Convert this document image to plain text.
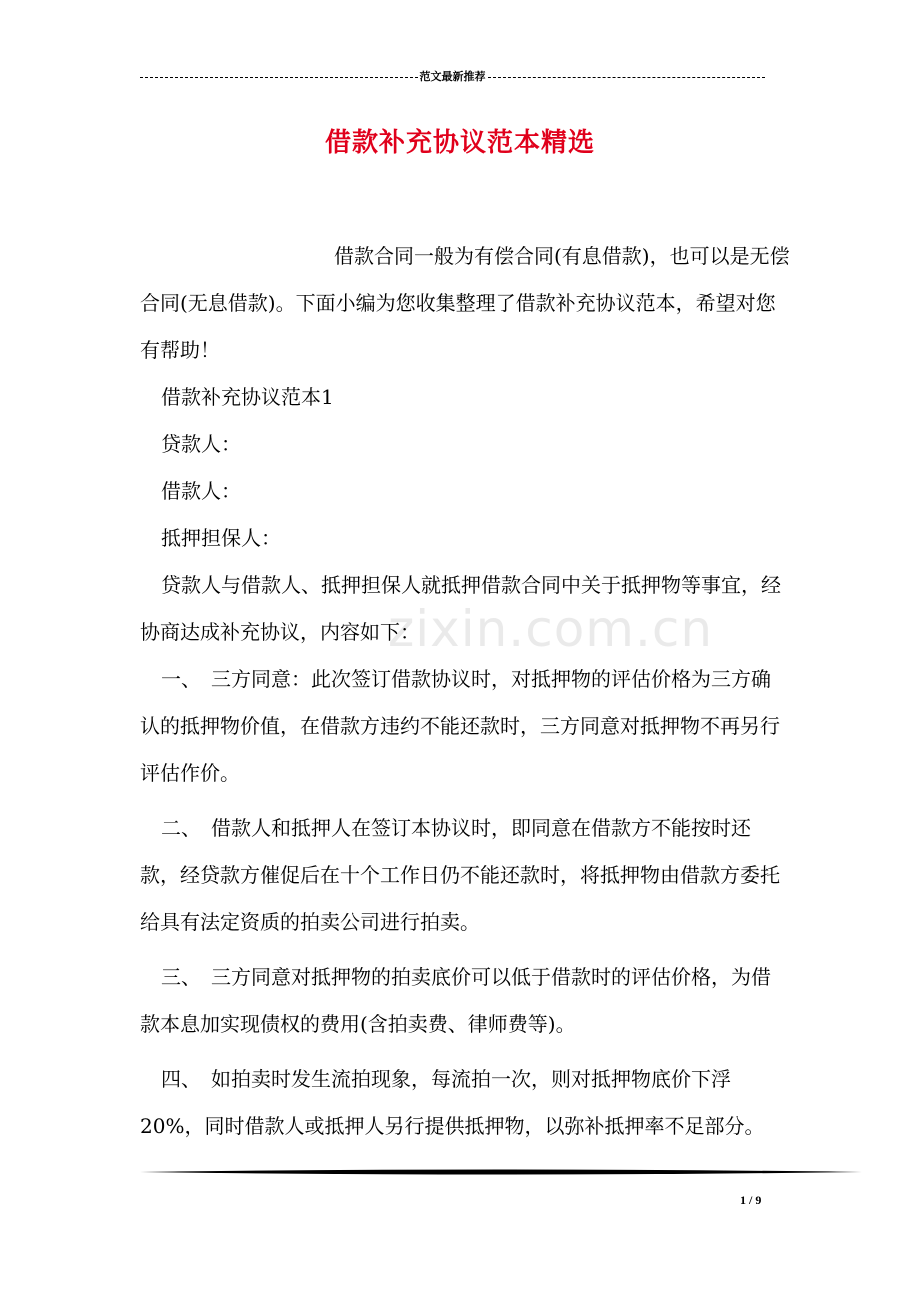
范文最新推荐
借款补充协议范本精选
zixin.com.cn

借款合同一般为有偿合同(有息借款)，也可以是无偿合同(无息借款)。下面小编为您收集整理了借款补充协议范本，希望对您有帮助！

借款补充协议范本1

贷款人：

借款人：

抵押担保人：

贷款人与借款人、抵押担保人就抵押借款合同中关于抵押物等事宜，经协商达成补充协议，内容如下：

一、　三方同意：此次签订借款协议时，对抵押物的评估价格为三方确认的抵押物价值，在借款方违约不能还款时，三方同意对抵押物不再另行评估作价。

二、　借款人和抵押人在签订本协议时，即同意在借款方不能按时还款，经贷款方催促后在十个工作日仍不能还款时，将抵押物由借款方委托给具有法定资质的拍卖公司进行拍卖。

三、　三方同意对抵押物的拍卖底价可以低于借款时的评估价格，为借款本息加实现债权的费用(含拍卖费、律师费等)。

四、　如拍卖时发生流拍现象，每流拍一次，则对抵押物底价下浮20%，同时借款人或抵押人另行提供抵押物，以弥补抵押率不足部分。

1 / 9
